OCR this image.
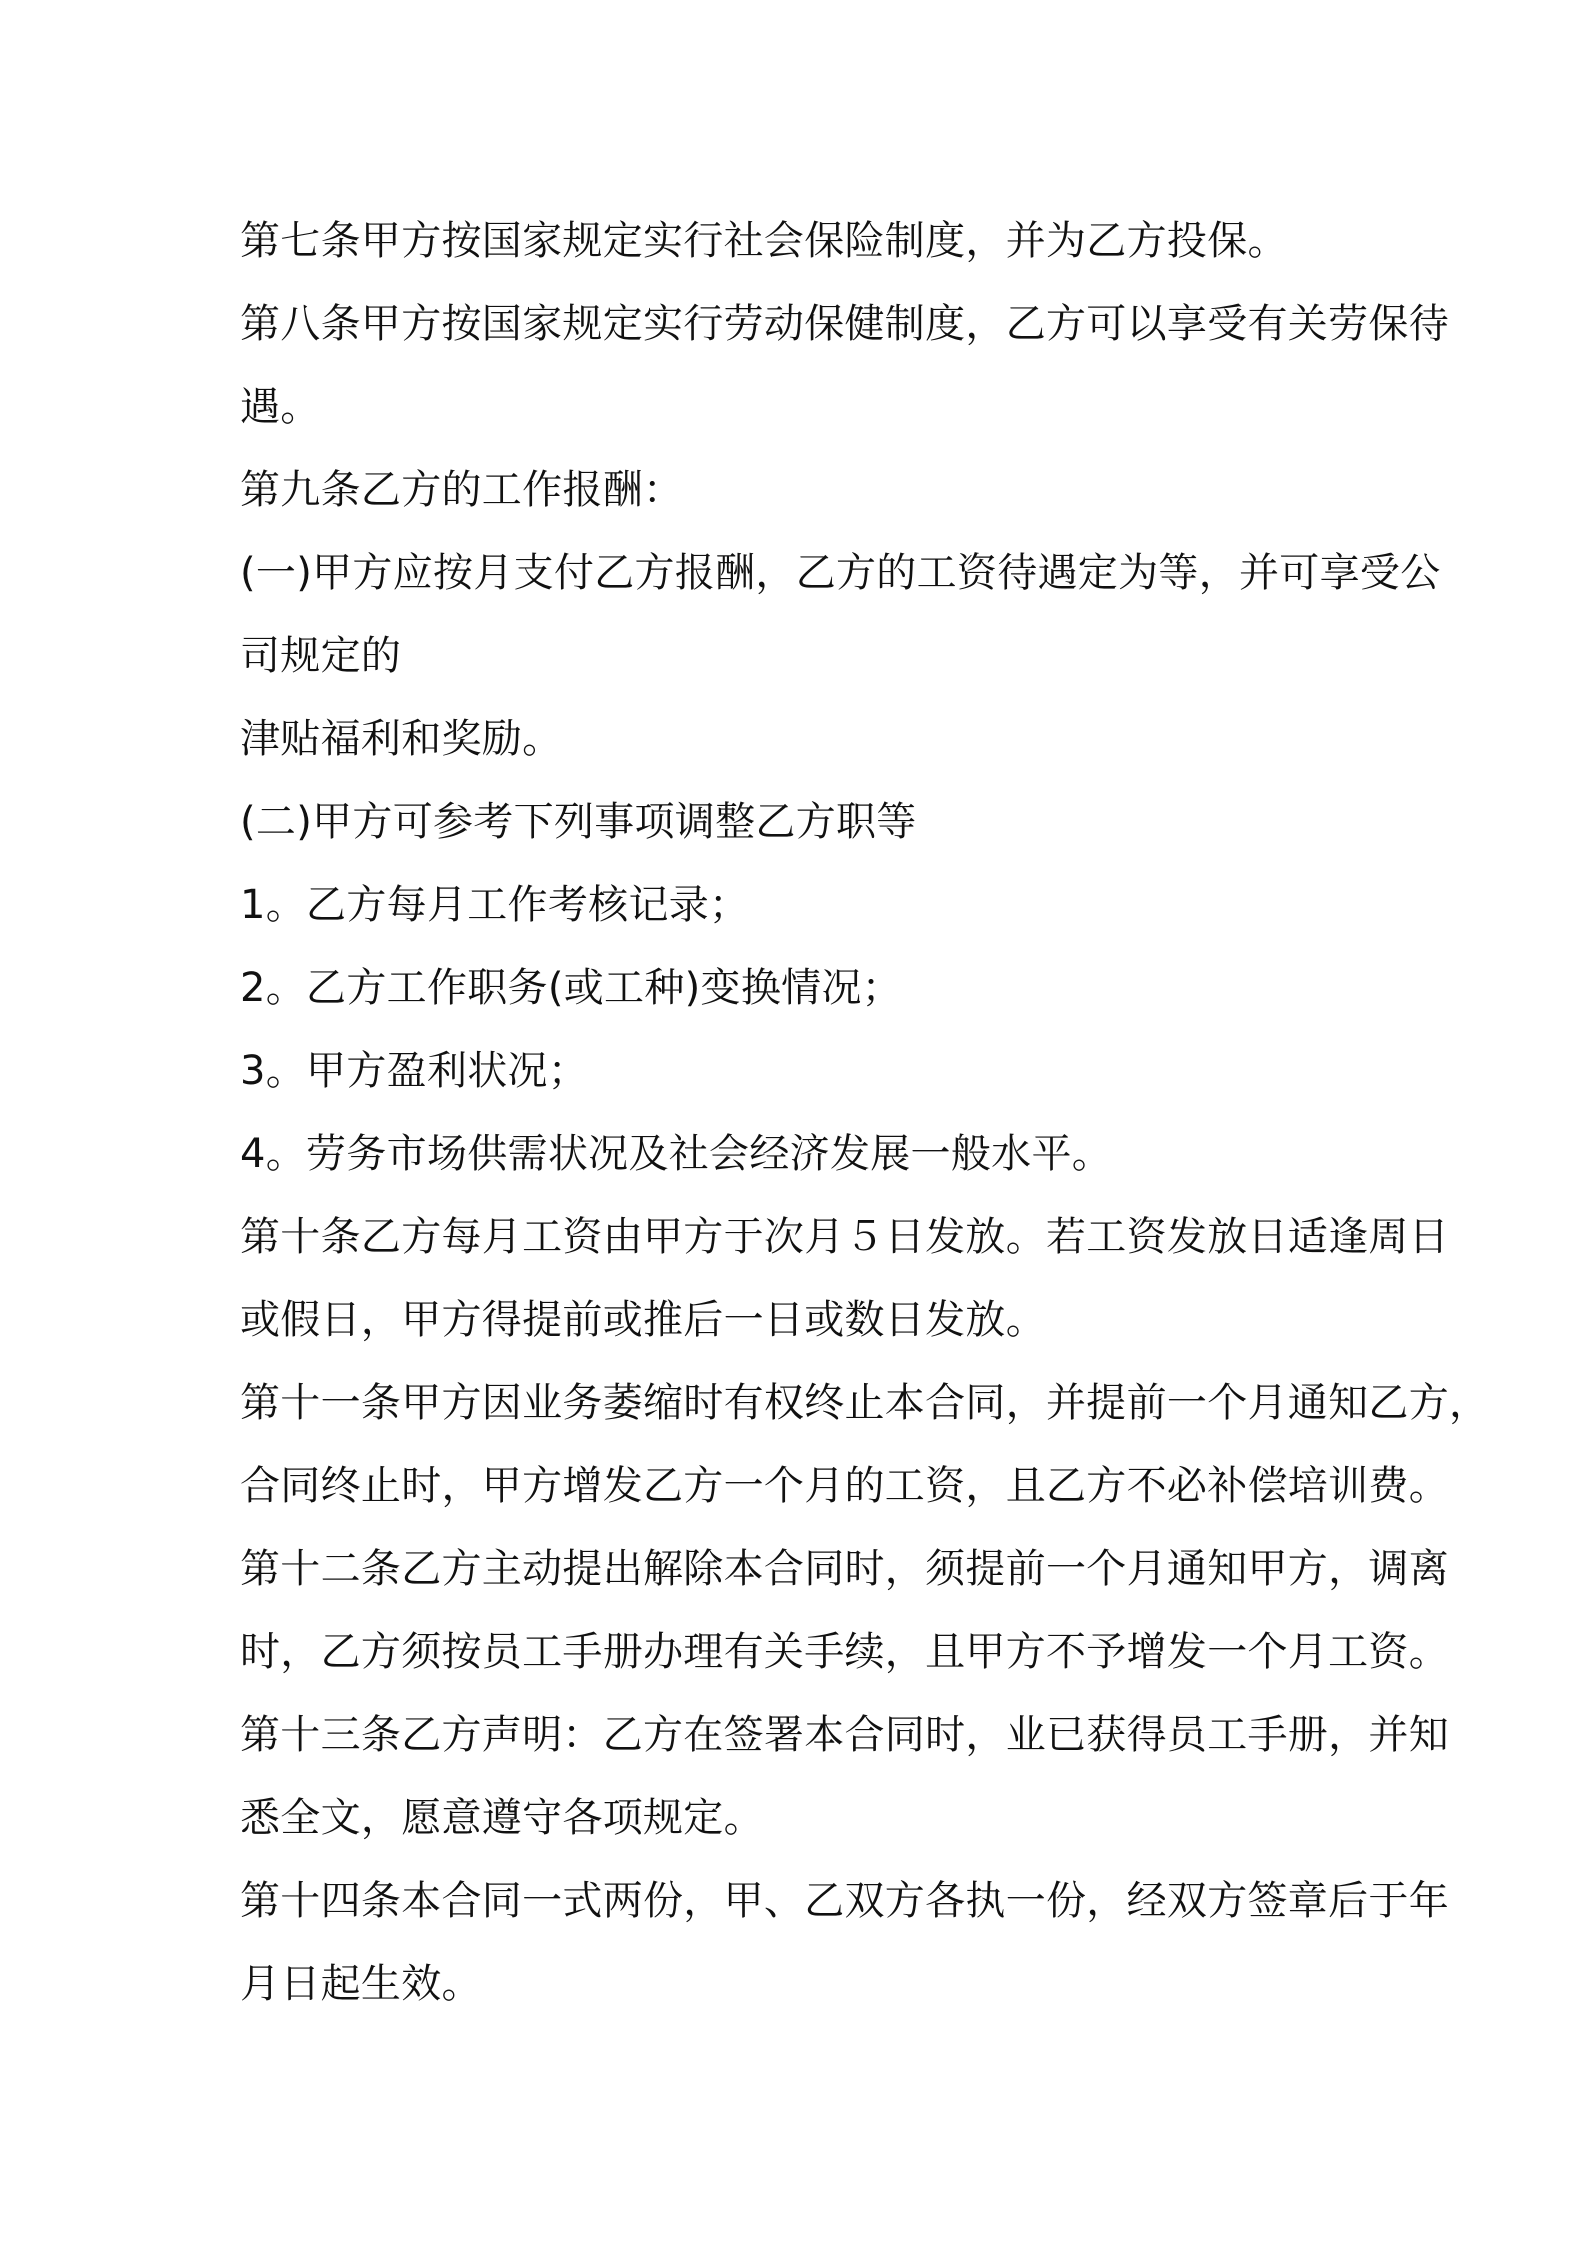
第七条甲方按国家规定实行社会保险制度，并为乙方投保。
第八条甲方按国家规定实行劳动保健制度，乙方可以享受有关劳保待
遇。
第九条乙方的工作报酬：
(一)甲方应按月支付乙方报酬，乙方的工资待遇定为等，并可享受公
司规定的
津贴福利和奖励。
(二)甲方可参考下列事项调整乙方职等
1。乙方每月工作考核记录；
2。乙方工作职务(或工种)变换情况；
3。甲方盈利状况；
4。劳务市场供需状况及社会经济发展一般水平。
第十条乙方每月工资由甲方于次月５日发放。若工资发放日适逢周日
或假日，甲方得提前或推后一日或数日发放。
第十一条甲方因业务萎缩时有权终止本合同，并提前一个月通知乙方，
合同终止时，甲方增发乙方一个月的工资，且乙方不必补偿培训费。
第十二条乙方主动提出解除本合同时，须提前一个月通知甲方，调离
时，乙方须按员工手册办理有关手续，且甲方不予增发一个月工资。
第十三条乙方声明：乙方在签署本合同时，业已获得员工手册，并知
悉全文，愿意遵守各项规定。
第十四条本合同一式两份，甲、乙双方各执一份，经双方签章后于年
月日起生效。
